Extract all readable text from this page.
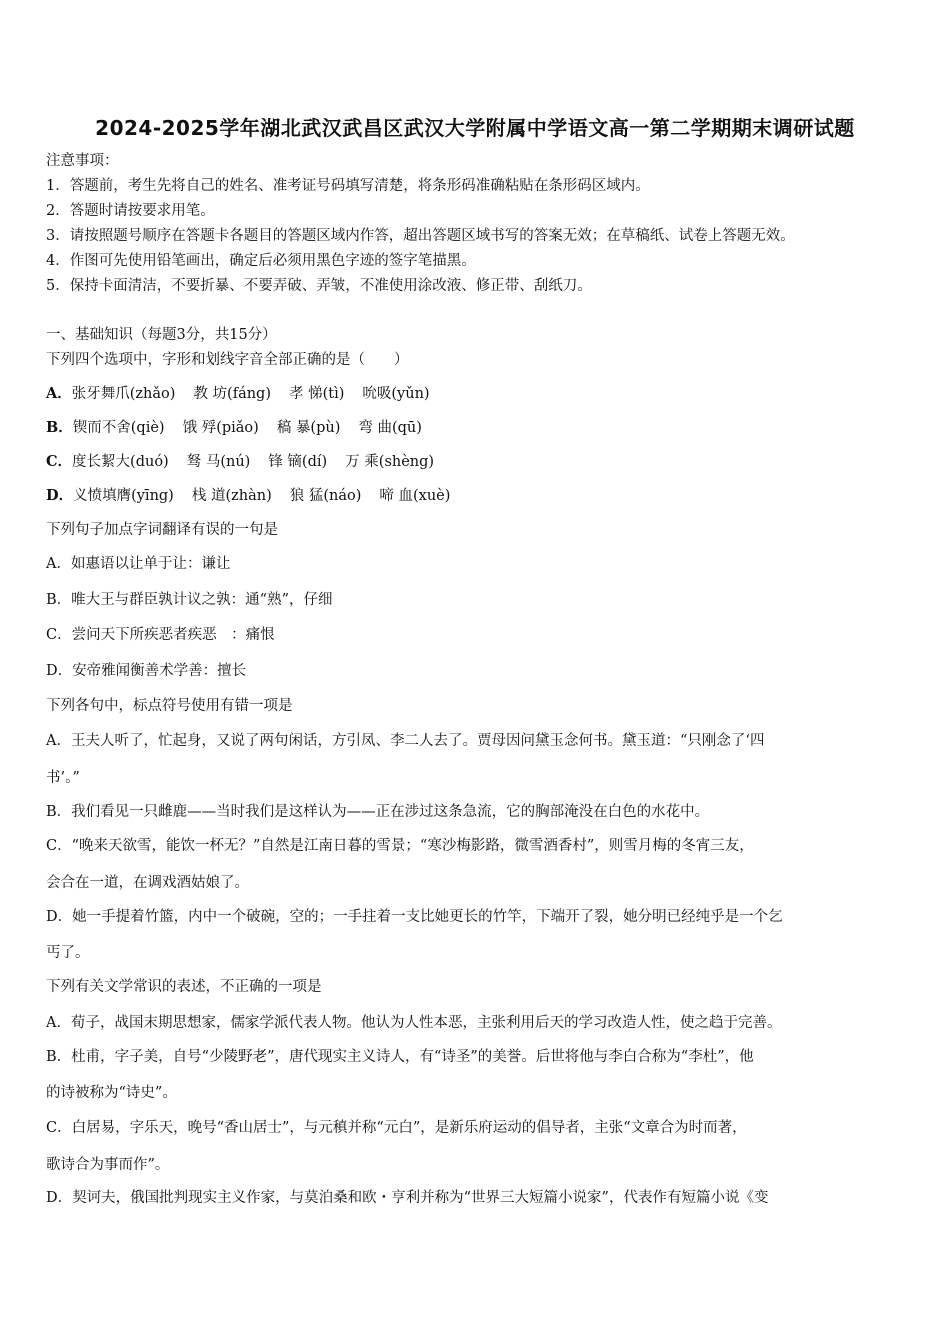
2024-2025学年湖北武汉武昌区武汉大学附属中学语文高一第二学期期末调研试题
注意事项：
1．答题前，考生先将自己的姓名、准考证号码填写清楚，将条形码准确粘贴在条形码区域内。
2．答题时请按要求用笔。
3．请按照题号顺序在答题卡各题目的答题区域内作答，超出答题区域书写的答案无效；在草稿纸、试卷上答题无效。
4．作图可先使用铅笔画出，确定后必须用黑色字迹的签字笔描黑。
5．保持卡面清洁，不要折暴、不要弄破、弄皱，不准使用涂改液、修正带、刮纸刀。
一、基础知识（每题3分，共15分）
下列四个选项中，字形和划线字音全部正确的是（　　）
A．张牙舞爪(zhǎo) 教 坊(fáng) 孝 悌(tì) 吮吸(yǔn)
B．锲而不舍(qiè) 饿 殍(piǎo) 稿 暴(pù) 弯 曲(qū)
C．度长絜大(duó) 驽 马(nú) 锋 镝(dí) 万 乘(shèng)
D．义愤填膺(yīng) 栈 道(zhàn) 狼 猛(náo) 啼 血(xuè)
下列句子加点字词翻译有误的一句是
A．如惠语以让单于让：谦让
B．唯大王与群臣孰计议之孰：通“熟”，仔细
C．尝问天下所疾恶者疾恶　：痛恨
D．安帝雅闻衡善术学善：擅长
下列各句中，标点符号使用有错一项是
A．王夫人听了，忙起身，又说了两句闲话，方引凤、李二人去了。贾母因问黛玉念何书。黛玉道：“只刚念了‘四
书’。”
B．我们看见一只雌鹿——当时我们是这样认为——正在涉过这条急流，它的胸部淹没在白色的水花中。
C．“晚来天欲雪，能饮一杯无？”自然是江南日暮的雪景；“寒沙梅影路，微雪酒香村”，则雪月梅的冬宵三友，
会合在一道，在调戏酒姑娘了。
D．她一手提着竹篮，内中一个破碗，空的；一手拄着一支比她更长的竹竿，下端开了裂，她分明已经纯乎是一个乞
丐了。
下列有关文学常识的表述，不正确的一项是
A．荀子，战国末期思想家，儒家学派代表人物。他认为人性本恶，主张利用后天的学习改造人性，使之趋于完善。
B．杜甫，字子美，自号“少陵野老”，唐代现实主义诗人，有“诗圣”的美誉。后世将他与李白合称为“李杜”，他
的诗被称为“诗史”。
C．白居易，字乐天，晚号“香山居士”，与元稹并称“元白”，是新乐府运动的倡导者，主张“文章合为时而著，
歌诗合为事而作”。
D．契诃夫，俄国批判现实主义作家，与莫泊桑和欧・亨利并称为“世界三大短篇小说家”，代表作有短篇小说《变
